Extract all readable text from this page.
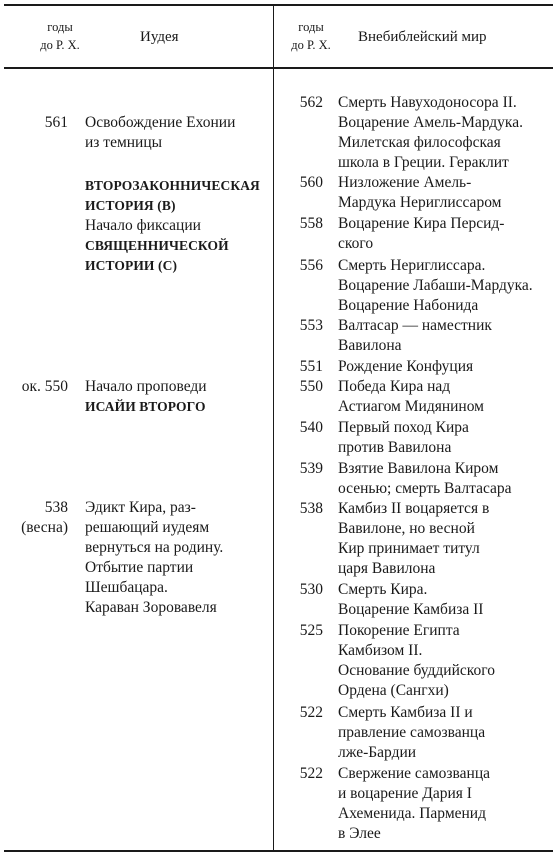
годы
до Р. Х.	Иудея
годы
до Р. Х.	Внебиблейский мир
561 Освобождение Ехонии
из темницы
ВТОРОЗАКОННИЧЕСКАЯ
ИСТОРИЯ (B)
Начало фиксации
СВЯЩЕННИЧЕСКОЙ
ИСТОРИИ (C)
ок. 550 Начало проповеди
ИСАЙИ ВТОРОГО
538
(весна)
Эдикт Кира, раз-
решающий иудеям
вернуться на родину.
Отбытие партии
Шешбацара.
Караван Зоровавеля
562 Смерть Навуходоносора II.
Воцарение Амель-Мардука.
Милетская философская
школа в Греции. Гераклит
560 Низложение Амель-
Мардука Нериглиссаром
558 Воцарение Кира Персид-
ского
556 Смерть Нериглиссара.
Воцарение Лабаши-Мардука.
Воцарение Набонида
553 Валтасар — наместник
Вавилона
551 Рождение Конфуция
550 Победа Кира над
Астиагом Мидянином
540 Первый поход Кира
против Вавилона
539 Взятие Вавилона Киром
осенью; смерть Валтасара
538 Камбиз II воцаряется в
Вавилоне, но весной
Кир принимает титул
царя Вавилона
530 Смерть Кира.
Воцарение Камбиза II
525 Покорение Египта
Камбизом II.
Основание буддийского
Ордена (Сангхи)
522 Смерть Камбиза II и
правление самозванца
лже-Бардии
522 Свержение самозванца
и воцарение Дария I
Ахеменида. Парменид
в Элее
